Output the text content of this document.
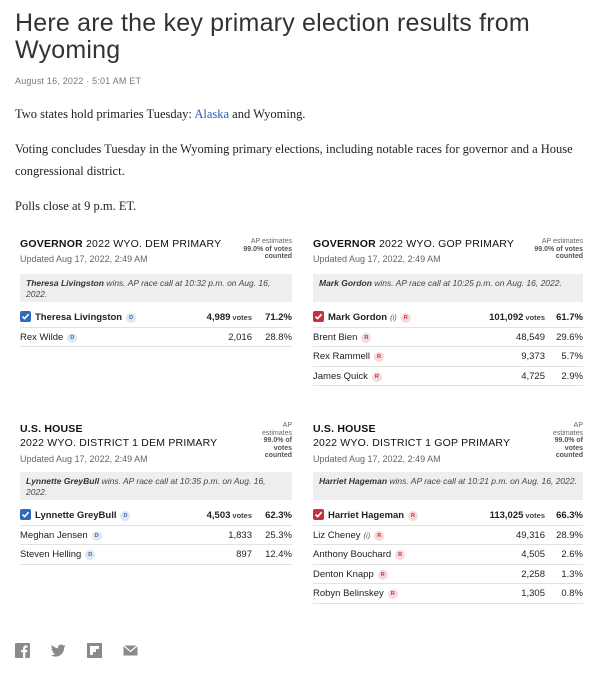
Here are the key primary election results from Wyoming
August 16, 2022 · 5:01 AM ET

Two states hold primaries Tuesday: Alaska and Wyoming.

Voting concludes Tuesday in the Wyoming primary elections, including notable races for governor and a House congressional district.

Polls close at 9 p.m. ET.

GOVERNOR 2022 WYO. DEM PRIMARY
Updated Aug 17, 2022, 2:49 AM
AP estimates
99.0% of votes
counted
Theresa Livingston wins. AP race call at 10:32 p.m. on Aug. 16, 2022.
Theresa Livingston D	4,989 votes 71.2%
Rex Wilde D	2,016 28.8%
GOVERNOR 2022 WYO. GOP PRIMARY
Updated Aug 17, 2022, 2:49 AM
AP estimates
99.0% of votes
counted
Mark Gordon wins. AP race call at 10:25 p.m. on Aug. 16, 2022.
Mark Gordon (i) R	101,092 votes 61.7%
Brent Bien R	48,549 29.6%
Rex Rammell R	9,373 5.7%
James Quick R	4,725 2.9%
U.S. HOUSE
2022 WYO. DISTRICT 1 DEM PRIMARY
Updated Aug 17, 2022, 2:49 AM
AP
estimates
99.0% of
votes
counted
Lynnette GreyBull wins. AP race call at 10:35 p.m. on Aug. 16, 2022.
Lynnette GreyBull D	4,503 votes 62.3%
Meghan Jensen D	1,833 25.3%
Steven Helling D	897 12.4%
U.S. HOUSE
2022 WYO. DISTRICT 1 GOP PRIMARY
Updated Aug 17, 2022, 2:49 AM
AP
estimates
99.0% of
votes
counted
Harriet Hageman wins. AP race call at 10:21 p.m. on Aug. 16, 2022.
Harriet Hageman R	113,025 votes 66.3%
Liz Cheney (i) R	49,316 28.9%
Anthony Bouchard R	4,505 2.6%
Denton Knapp R	2,258 1.3%
Robyn Belinskey R	1,305 0.8%
